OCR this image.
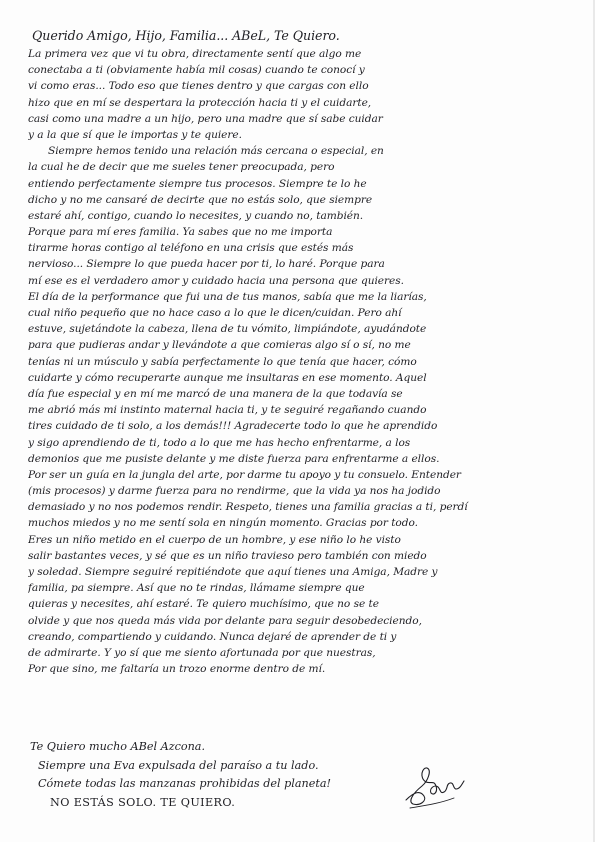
Querido Amigo, Hijo, Familia... ABeL, Te Quiero.
La primera vez que vi tu obra, directamente sentí que algo me
conectaba a ti (obviamente había mil cosas) cuando te conocí y
vi como eras... Todo eso que tienes dentro y que cargas con ello
hizo que en mí se despertara la protección hacia ti y el cuidarte,
casi como una madre a un hijo, pero una madre que sí sabe cuidar
y a la que sí que le importas y te quiere.
Siempre hemos tenido una relación más cercana o especial, en
la cual he de decir que me sueles tener preocupada, pero
entiendo perfectamente siempre tus procesos. Siempre te lo he
dicho y no me cansaré de decirte que no estás solo, que siempre
estaré ahí, contigo, cuando lo necesites, y cuando no, también.
Porque para mí eres familia. Ya sabes que no me importa
tirarme horas contigo al teléfono en una crisis que estés más
nervioso... Siempre lo que pueda hacer por ti, lo haré. Porque para
mí ese es el verdadero amor y cuidado hacia una persona que quieres.
El día de la performance que fui una de tus manos, sabía que me la liarías,
cual niño pequeño que no hace caso a lo que le dicen/cuidan. Pero ahí
estuve, sujetándote la cabeza, llena de tu vómito, limpiándote, ayudándote
para que pudieras andar y llevándote a que comieras algo sí o sí, no me
tenías ni un músculo y sabía perfectamente lo que tenía que hacer, cómo
cuidarte y cómo recuperarte aunque me insultaras en ese momento. Aquel
día fue especial y en mí me marcó de una manera de la que todavía se
me abrió más mi instinto maternal hacia ti, y te seguiré regañando cuando
tires cuidado de ti solo, a los demás!!! Agradecerte todo lo que he aprendido
y sigo aprendiendo de ti, todo a lo que me has hecho enfrentarme, a los
demonios que me pusiste delante y me diste fuerza para enfrentarme a ellos.
Por ser un guía en la jungla del arte, por darme tu apoyo y tu consuelo. Entender
(mis procesos) y darme fuerza para no rendirme, que la vida ya nos ha jodido
demasiado y no nos podemos rendir. Respeto, tienes una familia gracias a ti, perdí
muchos miedos y no me sentí sola en ningún momento. Gracias por todo.
Eres un niño metido en el cuerpo de un hombre, y ese niño lo he visto
salir bastantes veces, y sé que es un niño travieso pero también con miedo
y soledad. Siempre seguiré repitiéndote que aquí tienes una Amiga, Madre y
familia, pa siempre. Así que no te rindas, llámame siempre que
quieras y necesites, ahí estaré. Te quiero muchísimo, que no se te
olvide y que nos queda más vida por delante para seguir desobedeciendo,
creando, compartiendo y cuidando. Nunca dejaré de aprender de ti y
de admirarte. Y yo sí que me siento afortunada por que nuestras,
Por que sino, me faltaría un trozo enorme dentro de mí.
Te Quiero mucho ABel Azcona.
Siempre una Eva expulsada del paraíso a tu lado.
Cómete todas las manzanas prohibidas del planeta!
NO ESTÁS SOLO. TE QUIERO.
